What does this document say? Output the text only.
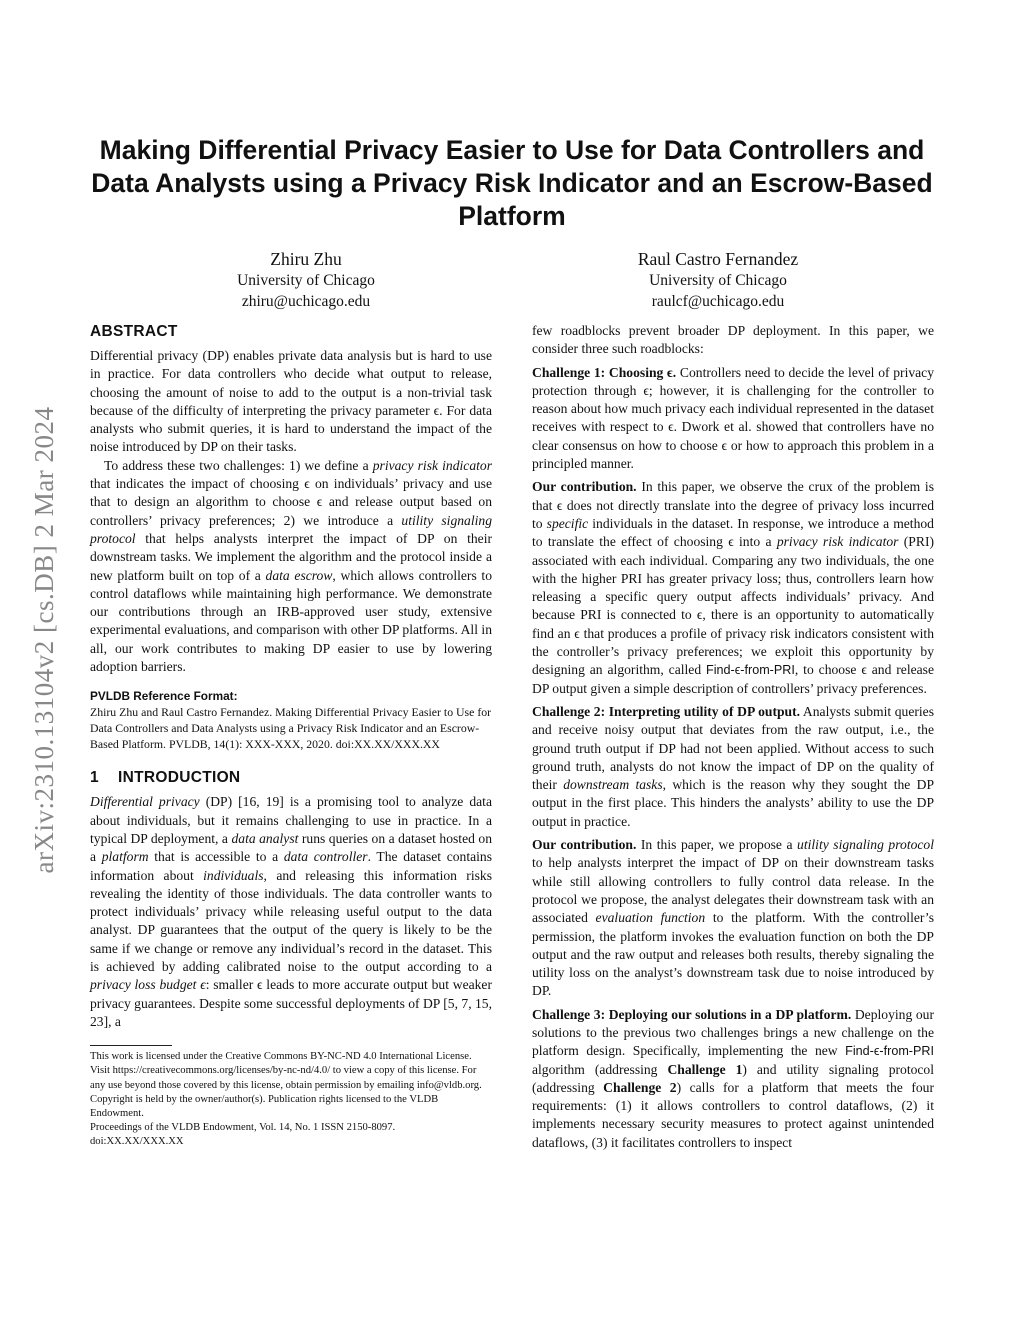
arXiv:2310.13104v2 [cs.DB] 2 Mar 2024
Making Differential Privacy Easier to Use for Data Controllers and Data Analysts using a Privacy Risk Indicator and an Escrow-Based Platform
Zhiru Zhu
University of Chicago
zhiru@uchicago.edu
Raul Castro Fernandez
University of Chicago
raulcf@uchicago.edu
ABSTRACT

Differential privacy (DP) enables private data analysis but is hard to use in practice. For data controllers who decide what output to release, choosing the amount of noise to add to the output is a non-trivial task because of the difficulty of interpreting the privacy parameter ϵ. For data analysts who submit queries, it is hard to understand the impact of the noise introduced by DP on their tasks.

To address these two challenges: 1) we define a privacy risk indicator that indicates the impact of choosing ϵ on individuals’ privacy and use that to design an algorithm to choose ϵ and release output based on controllers’ privacy preferences; 2) we introduce a utility signaling protocol that helps analysts interpret the impact of DP on their downstream tasks. We implement the algorithm and the protocol inside a new platform built on top of a data escrow, which allows controllers to control dataflows while maintaining high performance. We demonstrate our contributions through an IRB-approved user study, extensive experimental evaluations, and comparison with other DP platforms. All in all, our work contributes to making DP easier to use by lowering adoption barriers.

PVLDB Reference Format:

Zhiru Zhu and Raul Castro Fernandez. Making Differential Privacy Easier to Use for Data Controllers and Data Analysts using a Privacy Risk Indicator and an Escrow-Based Platform. PVLDB, 14(1): XXX-XXX, 2020. doi:XX.XX/XXX.XX

1 INTRODUCTION

Differential privacy (DP) [16, 19] is a promising tool to analyze data about individuals, but it remains challenging to use in practice. In a typical DP deployment, a data analyst runs queries on a dataset hosted on a platform that is accessible to a data controller. The dataset contains information about individuals, and releasing this information risks revealing the identity of those individuals. The data controller wants to protect individuals’ privacy while releasing useful output to the data analyst. DP guarantees that the output of the query is likely to be the same if we change or remove any individual’s record in the dataset. This is achieved by adding calibrated noise to the output according to a privacy loss budget ϵ: smaller ϵ leads to more accurate output but weaker privacy guarantees. Despite some successful deployments of DP [5, 7, 15, 23], a

This work is licensed under the Creative Commons BY-NC-ND 4.0 International License. Visit https://creativecommons.org/licenses/by-nc-nd/4.0/ to view a copy of this license. For any use beyond those covered by this license, obtain permission by emailing info@vldb.org. Copyright is held by the owner/author(s). Publication rights licensed to the VLDB Endowment.
Proceedings of the VLDB Endowment, Vol. 14, No. 1 ISSN 2150-8097.
doi:XX.XX/XXX.XX

few roadblocks prevent broader DP deployment. In this paper, we consider three such roadblocks:

Challenge 1: Choosing ϵ. Controllers need to decide the level of privacy protection through ϵ; however, it is challenging for the controller to reason about how much privacy each individual represented in the dataset receives with respect to ϵ. Dwork et al. showed that controllers have no clear consensus on how to choose ϵ or how to approach this problem in a principled manner.

Our contribution. In this paper, we observe the crux of the problem is that ϵ does not directly translate into the degree of privacy loss incurred to specific individuals in the dataset. In response, we introduce a method to translate the effect of choosing ϵ into a privacy risk indicator (PRI) associated with each individual. Comparing any two individuals, the one with the higher PRI has greater privacy loss; thus, controllers learn how releasing a specific query output affects individuals’ privacy. And because PRI is connected to ϵ, there is an opportunity to automatically find an ϵ that produces a profile of privacy risk indicators consistent with the controller’s privacy preferences; we exploit this opportunity by designing an algorithm, called Find-ϵ-from-PRI, to choose ϵ and release DP output given a simple description of controllers’ privacy preferences.

Challenge 2: Interpreting utility of DP output. Analysts submit queries and receive noisy output that deviates from the raw output, i.e., the ground truth output if DP had not been applied. Without access to such ground truth, analysts do not know the impact of DP on the quality of their downstream tasks, which is the reason why they sought the DP output in the first place. This hinders the analysts’ ability to use the DP output in practice.

Our contribution. In this paper, we propose a utility signaling protocol to help analysts interpret the impact of DP on their downstream tasks while still allowing controllers to fully control data release. In the protocol we propose, the analyst delegates their downstream task with an associated evaluation function to the platform. With the controller’s permission, the platform invokes the evaluation function on both the DP output and the raw output and releases both results, thereby signaling the utility loss on the analyst’s downstream task due to noise introduced by DP.

Challenge 3: Deploying our solutions in a DP platform. Deploying our solutions to the previous two challenges brings a new challenge on the platform design. Specifically, implementing the new Find-ϵ-from-PRI algorithm (addressing Challenge 1) and utility signaling protocol (addressing Challenge 2) calls for a platform that meets the four requirements: (1) it allows controllers to control dataflows, (2) it implements necessary security measures to protect against unintended dataflows, (3) it facilitates controllers to inspect
